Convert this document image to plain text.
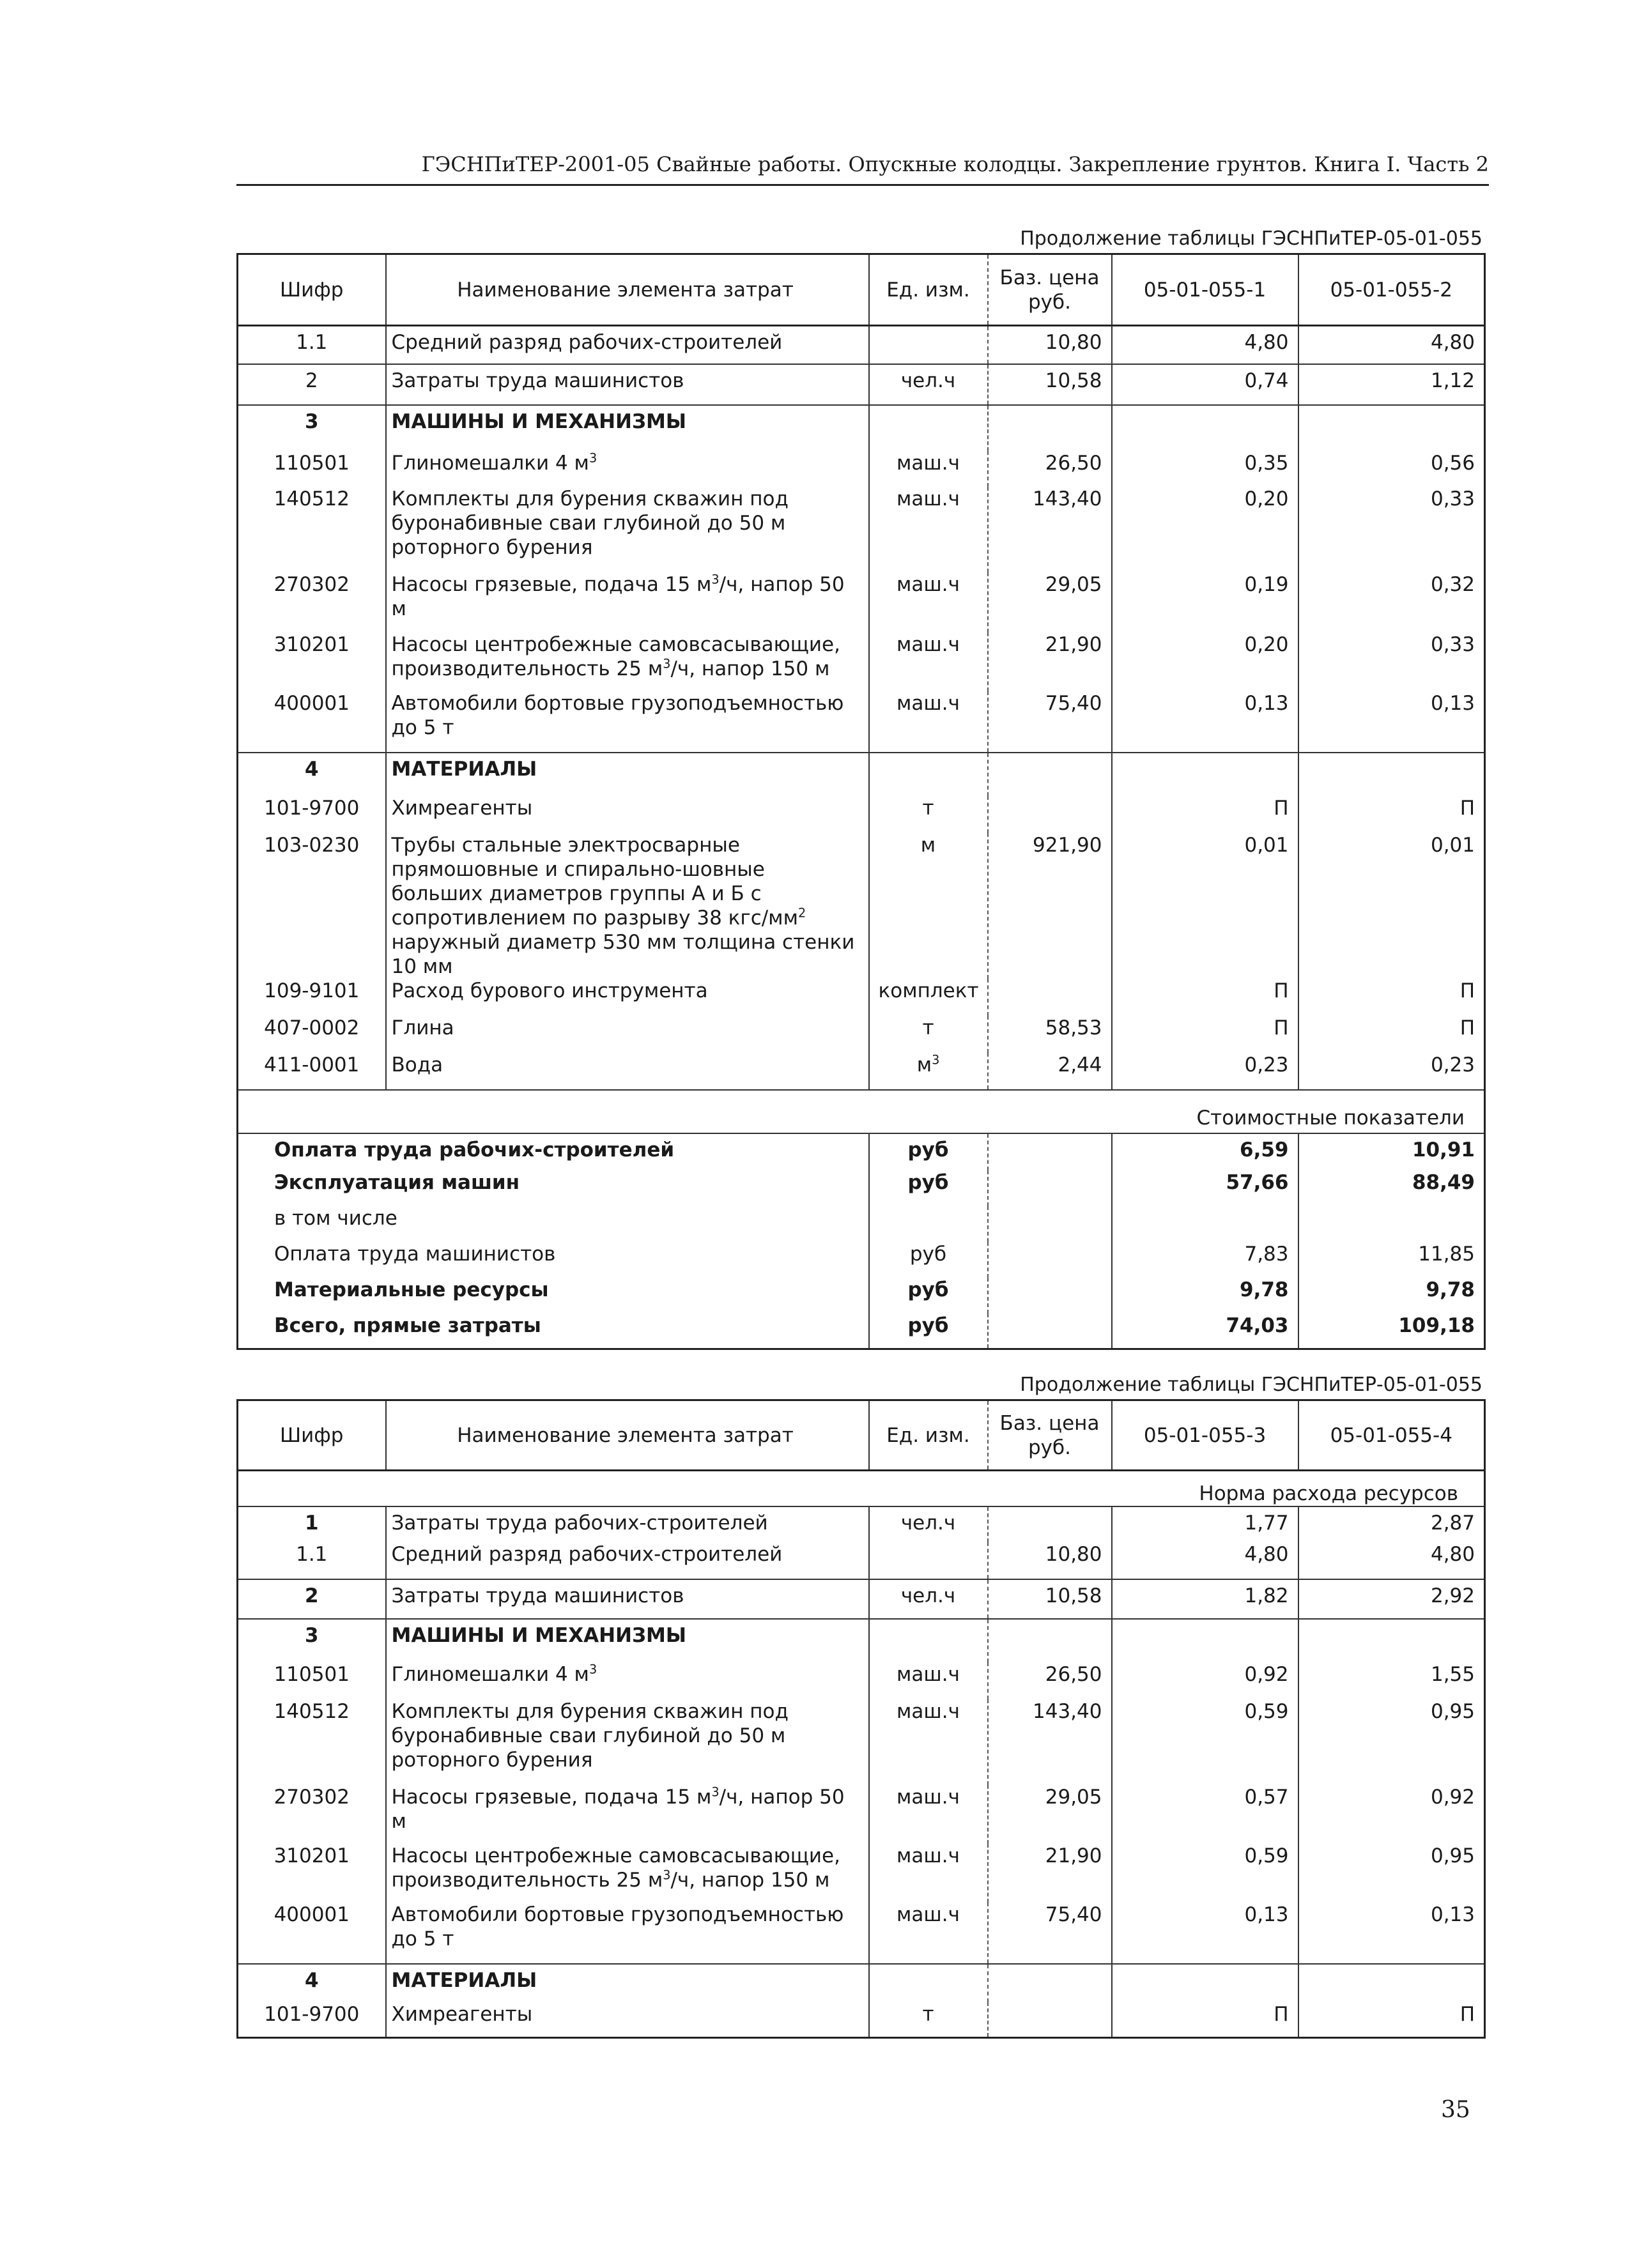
ГЭСНПиТЕР-2001-05 Свайные работы. Опускные колодцы. Закрепление грунтов. Книга I. Часть 2
Продолжение таблицы ГЭСНПиТЕР-05-01-055
Шифр	Наименование элемента затрат	Ед. изм.	Баз. цена руб.	05-01-055-1	05-01-055-2
1.1	Средний разряд рабочих-строителей		10,80	4,80	4,80
2	Затраты труда машинистов	чел.ч	10,58	0,74	1,12
3	МАШИНЫ И МЕХАНИЗМЫ				
110501	Глиномешалки 4 $м^3$	маш.ч	26,50	0,35	0,56
140512	Комплекты для бурения скважин под буронабивные сваи глубиной до 50 м роторного бурения	маш.ч	143,40	0,20	0,33
270302	Насосы грязевые, подача 15 $м^3/ч$, напор 50 м	маш.ч	29,05	0,19	0,32
310201	Насосы центробежные самовсасывающие, производительность 25 $м^3/ч$, напор 150 м	маш.ч	21,90	0,20	0,33
400001	Автомобили бортовые грузоподъемностью до 5 т	маш.ч	75,40	0,13	0,13
4	МАТЕРИАЛЫ				
101-9700	Химреагенты	т		П	П
103-0230	Трубы стальные электросварные прямошовные и спирально-шовные больших диаметров группы А и Б с сопротивлением по разрыву 38 кгс/$мм^2$ наружный диаметр 530 мм толщина стенки 10 мм	м	921,90	0,01	0,01
109-9101	Расход бурового инструмента	комплект		П	П
407-0002	Глина	т	58,53	П	П
411-0001	Вода	$м^3$	2,44	0,23	0,23
Стоимостные показатели					
Оплата труда рабочих-строителей		руб		6,59	10,91
Эксплуатация машин		руб		57,66	88,49
в том числе					
Оплата труда машинистов		руб		7,83	11,85
Материальные ресурсы		руб		9,78	9,78
Всего, прямые затраты		руб		74,03	109,18
Продолжение таблицы ГЭСНПиТЕР-05-01-055
Шифр	Наименование элемента затрат	Ед. изм.	Баз. цена руб.	05-01-055-3	05-01-055-4
Норма расхода ресурсов					
1	Затраты труда рабочих-строителей	чел.ч		1,77	2,87
1.1	Средний разряд рабочих-строителей		10,80	4,80	4,80
2	Затраты труда машинистов	чел.ч	10,58	1,82	2,92
3	МАШИНЫ И МЕХАНИЗМЫ				
110501	Глиномешалки 4 $м^3$	маш.ч	26,50	0,92	1,55
140512	Комплекты для бурения скважин под буронабивные сваи глубиной до 50 м роторного бурения	маш.ч	143,40	0,59	0,95
270302	Насосы грязевые, подача 15 $м^3/ч$, напор 50 м	маш.ч	29,05	0,57	0,92
310201	Насосы центробежные самовсасывающие, производительность 25 $м^3/ч$, напор 150 м	маш.ч	21,90	0,59	0,95
400001	Автомобили бортовые грузоподъемностью до 5 т	маш.ч	75,40	0,13	0,13
4	МАТЕРИАЛЫ				
101-9700	Химреагенты	т		П	П
35
